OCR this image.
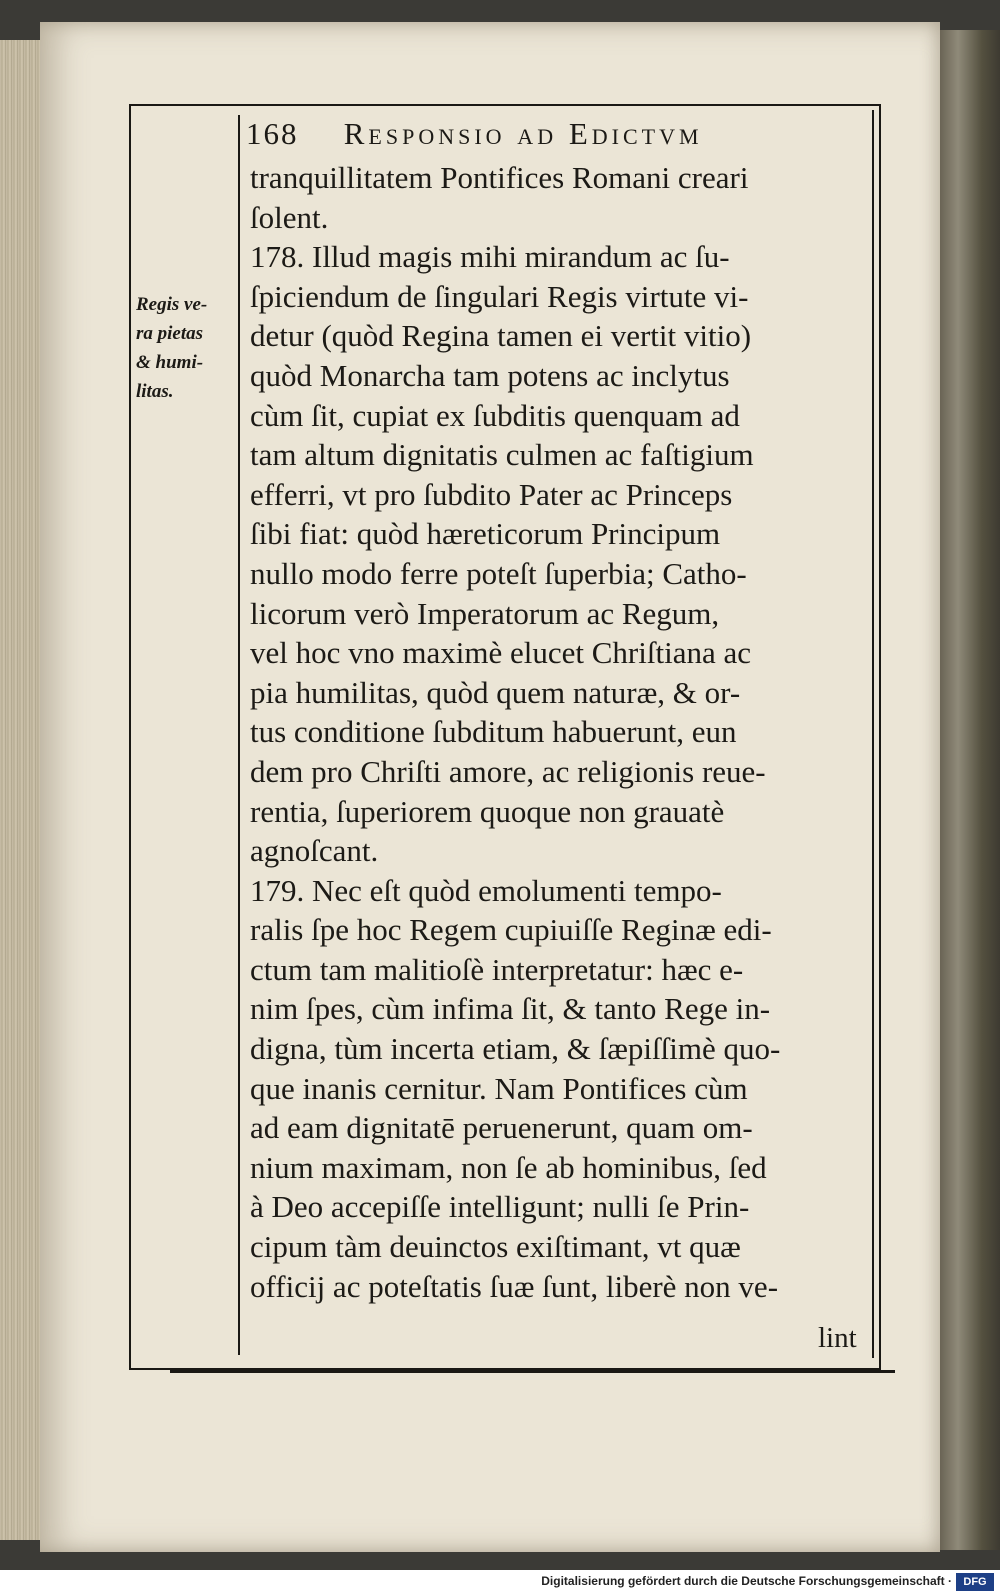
168 Responsio ad Edictvm
Regis ve-
ra pietas
& humi-
litas.
tranquillitatem Pontifices Romani creari
ſolent.
178. Illud magis mihi mirandum ac ſu-
ſpiciendum de ſingulari Regis virtute vi-
detur (quòd Regina tamen ei vertit vitio)
quòd Monarcha tam potens ac inclytus
cùm ſit, cupiat ex ſubditis quenquam ad
tam altum dignitatis culmen ac faſtigium
efferri, vt pro ſubdito Pater ac Princeps
ſibi fiat: quòd hæreticorum Principum
nullo modo ferre poteſt ſuperbia; Catho-
licorum verò Imperatorum ac Regum,
vel hoc vno maximè elucet Chriſtiana ac
pia humilitas, quòd quem naturæ, & or-
tus conditione ſubditum habuerunt, eun
dem pro Chriſti amore, ac religionis reue-
rentia, ſuperiorem quoque non grauatè
agnoſcant.
179. Nec eſt quòd emolumenti tempo-
ralis ſpe hoc Regem cupiuiſſe Reginæ edi-
ctum tam malitioſè interpretatur: hæc e-
nim ſpes, cùm infima ſit, & tanto Rege in-
digna, tùm incerta etiam, & ſæpiſſimè quo-
que inanis cernitur. Nam Pontifices cùm
ad eam dignitatē peruenerunt, quam om-
nium maximam, non ſe ab hominibus, ſed
à Deo accepiſſe intelligunt; nulli ſe Prin-
cipum tàm deuinctos exiſtimant, vt quæ
officij ac poteſtatis ſuæ ſunt, liberè non ve-
lint
Digitalisierung gefördert durch die Deutsche Forschungsgemeinschaft ·	DFG
